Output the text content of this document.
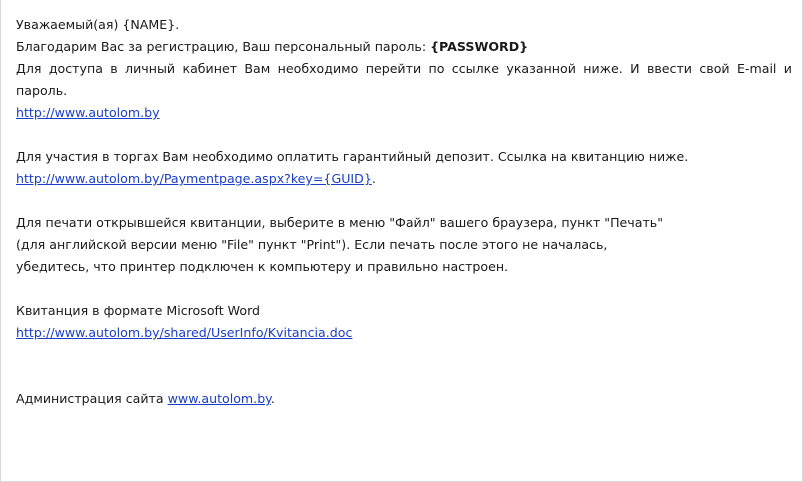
Уважаемый(ая) {NAME}.

Благодарим Вас за регистрацию, Ваш персональный пароль: {PASSWORD}

Для доступа в личный кабинет Вам необходимо перейти по ссылке указанной ниже. И ввести свой E-mail и пароль.

http://www.autolom.by

Для участия в торгах Вам необходимо оплатить гарантийный депозит. Ссылка на квитанцию ниже.

http://www.autolom.by/Paymentpage.aspx?key={GUID}.

Для печати открывшейся квитанции, выберите в меню "Файл" вашего браузера, пункт "Печать"

(для английской версии меню "File" пункт "Print"). Если печать после этого не началась,

убедитесь, что принтер подключен к компьютеру и правильно настроен.

Квитанция в формате Microsoft Word

http://www.autolom.by/shared/UserInfo/Kvitancia.doc

Администрация сайта www.autolom.by.
